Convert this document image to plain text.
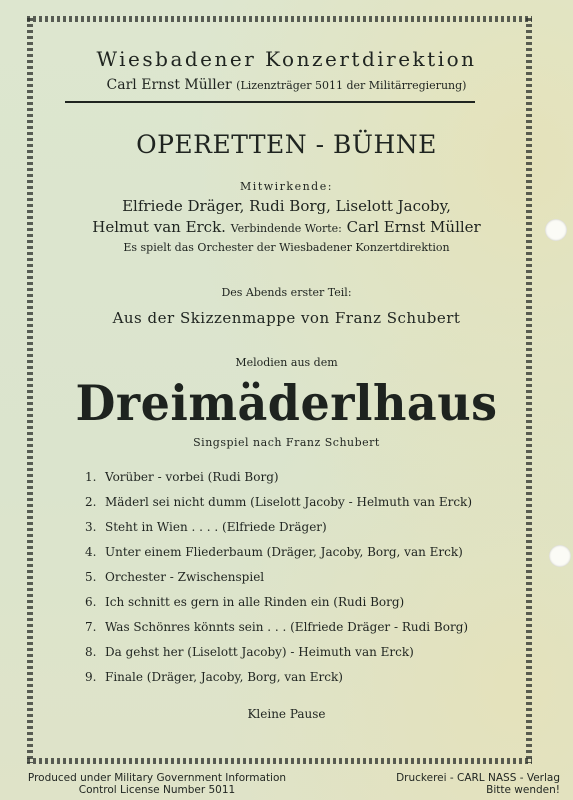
Wiesbadener Konzertdirektion
Carl Ernst Müller (Lizenzträger 5011 der Militärregierung)
OPERETTEN - BÜHNE
Mitwirkende:
Elfriede Dräger, Rudi Borg, Liselott Jacoby,
Helmut van Erck. Verbindende Worte: Carl Ernst Müller
Es spielt das Orchester der Wiesbadener Konzertdirektion
Des Abends erster Teil:
Aus der Skizzenmappe von Franz Schubert
Melodien aus dem
Dreimäderlhaus
Singspiel nach Franz Schubert
1. Vorüber - vorbei (Rudi Borg)
2. Mäderl sei nicht dumm (Liselott Jacoby - Helmuth van Erck)
3. Steht in Wien . . . . (Elfriede Dräger)
4. Unter einem Fliederbaum (Dräger, Jacoby, Borg, van Erck)
5. Orchester - Zwischenspiel
6. Ich schnitt es gern in alle Rinden ein (Rudi Borg)
7. Was Schönres könnts sein . . . (Elfriede Dräger - Rudi Borg)
8. Da gehst her (Liselott Jacoby) - Heimuth van Erck)
9. Finale (Dräger, Jacoby, Borg, van Erck)
Kleine Pause
Produced under Military Government Information
Control License Number 5011
Druckerei - CARL NASS - Verlag
Bitte wenden!
